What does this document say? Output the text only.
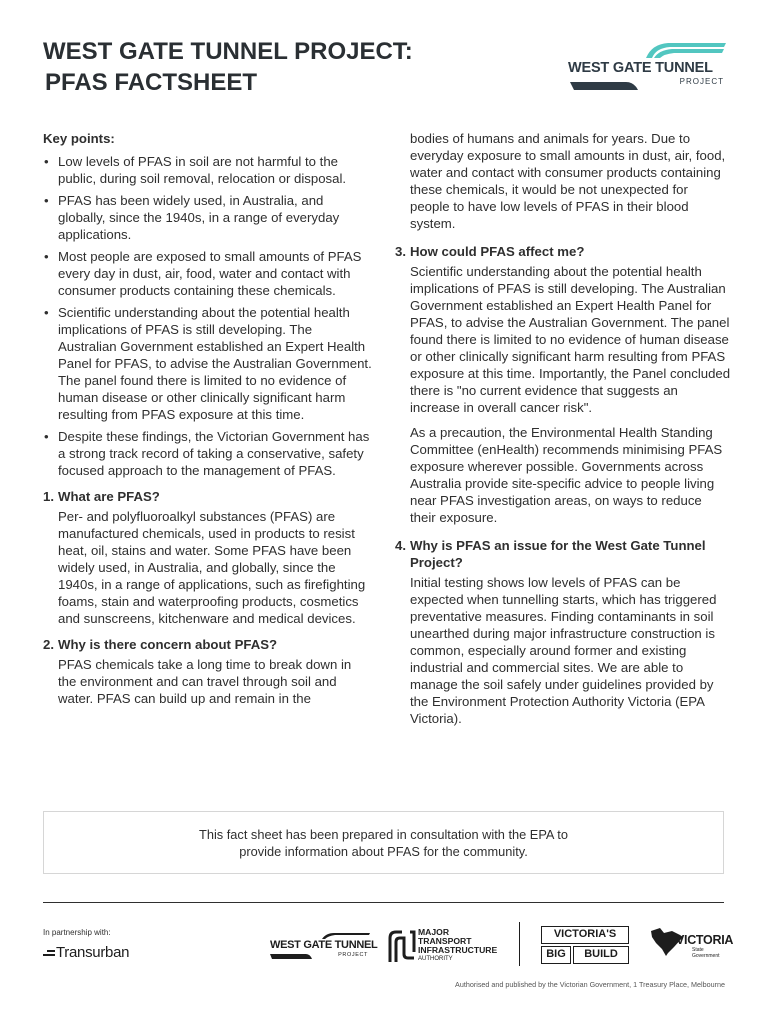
WEST GATE TUNNEL PROJECT:
PFAS FACTSHEET
WEST GATE TUNNEL
PROJECT

Key points:

• Low levels of PFAS in soil are not harmful to the public, during soil removal, relocation or disposal.
• PFAS has been widely used, in Australia, and globally, since the 1940s, in a range of everyday applications.
• Most people are exposed to small amounts of PFAS every day in dust, air, food, water and contact with consumer products containing these chemicals.
• Scientific understanding about the potential health implications of PFAS is still developing. The Australian Government established an Expert Health Panel for PFAS, to advise the Australian Government. The panel found there is limited to no evidence of human disease or other clinically significant harm resulting from PFAS exposure at this time.
• Despite these findings, the Victorian Government has a strong track record of taking a conservative, safety focused approach to the management of PFAS.

1. What are PFAS?

Per- and polyfluoroalkyl substances (PFAS) are manufactured chemicals, used in products to resist heat, oil, stains and water. Some PFAS have been widely used, in Australia, and globally, since the 1940s, in a range of applications, such as firefighting foams, stain and waterproofing products, cosmetics and sunscreens, kitchenware and medical devices.

2. Why is there concern about PFAS?

PFAS chemicals take a long time to break down in the environment and can travel through soil and water. PFAS can build up and remain in the

bodies of humans and animals for years. Due to everyday exposure to small amounts in dust, air, food, water and contact with consumer products containing these chemicals, it would be not unexpected for people to have low levels of PFAS in their blood system.

3. How could PFAS affect me?

Scientific understanding about the potential health implications of PFAS is still developing. The Australian Government established an Expert Health Panel for PFAS, to advise the Australian Government. The panel found there is limited to no evidence of human disease or other clinically significant harm resulting from PFAS exposure at this time. Importantly, the Panel concluded there is "no current evidence that suggests an increase in overall cancer risk".

As a precaution, the Environmental Health Standing Committee (enHealth) recommends minimising PFAS exposure wherever possible. Governments across Australia provide site-specific advice to people living near PFAS investigation areas, on ways to reduce their exposure.

4. Why is PFAS an issue for the West Gate Tunnel Project?

Initial testing shows low levels of PFAS can be expected when tunnelling starts, which has triggered preventative measures. Finding contaminants in soil unearthed during major infrastructure construction is common, especially around former and existing industrial and commercial sites. We are able to manage the soil safely under guidelines provided by the Environment Protection Authority Victoria (EPA Victoria).

This fact sheet has been prepared in consultation with the EPA to provide information about PFAS for the community.
In partnership with:
Transurban	WEST GATE TUNNEL
PROJECT
MAJOR
TRANSPORT
INFRASTRUCTURE
AUTHORITY
VICTORIA'S
BIG	BUILD
VICTORIA
State
Government
Authorised and published by the Victorian Government, 1 Treasury Place, Melbourne
